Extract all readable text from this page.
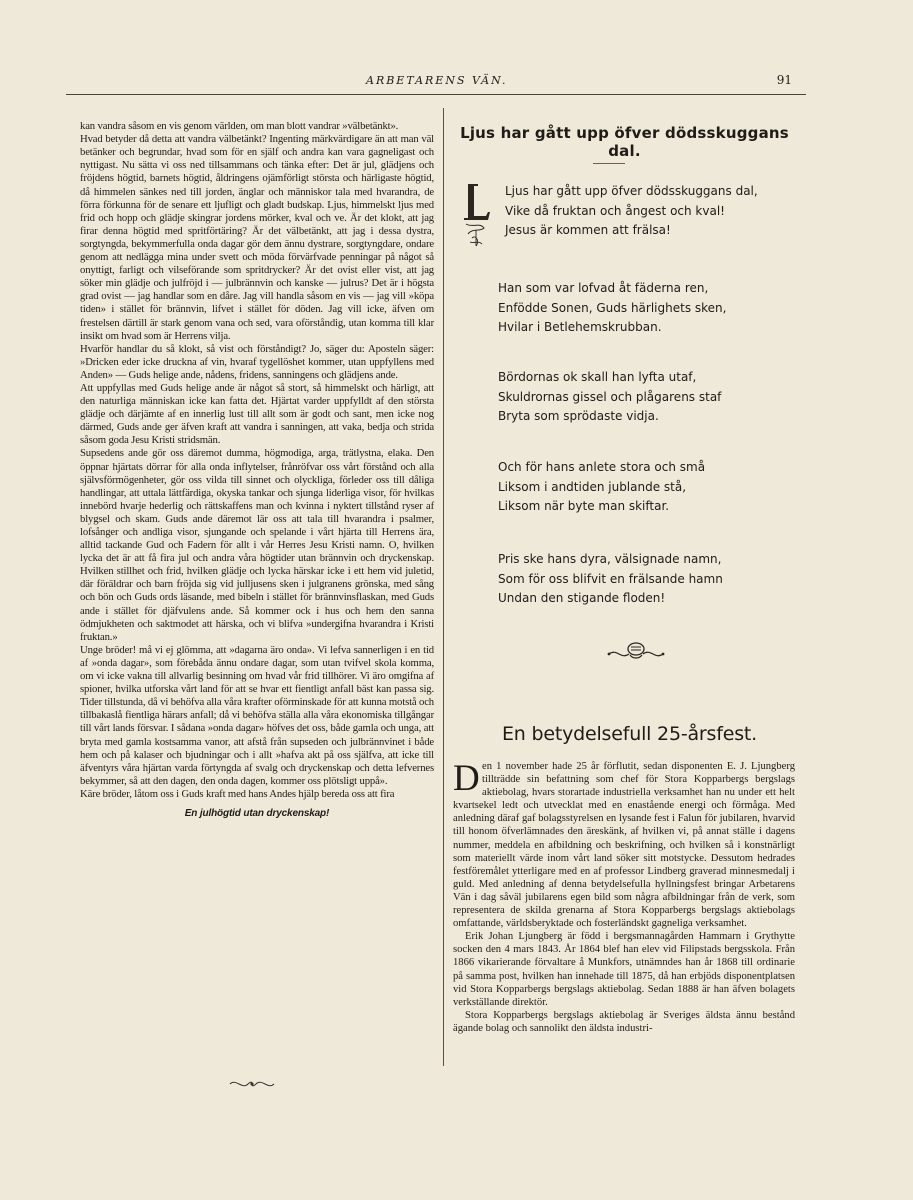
ARBETARENS VÄN.	91

kan vandra såsom en vis genom världen, om man blott vandrar »välbetänkt».
Hvad betyder då detta att vandra välbetänkt? Ingenting märkvärdigare än att man väl betänker och begrundar, hvad som för en själf och andra kan vara gagneligast och nyttigast. Nu sätta vi oss ned tillsammans och tänka efter: Det är jul, glädjens och fröjdens högtid, barnets högtid, åldringens ojämförligt största och härligaste högtid, då himmelen sänkes ned till jorden, änglar och människor tala med hvarandra, de förra förkunna för de senare ett ljufligt och gladt budskap. Ljus, himmelskt ljus med frid och hopp och glädje skingrar jordens mörker, kval och ve. Är det klokt, att jag firar denna högtid med spritförtäring? Är det välbetänkt, att jag i dessa dystra, sorgtyngda, bekymmerfulla onda dagar gör dem ännu dystrare, sorgtyngdare, ondare genom att nedlägga mina under svett och möda förvärfvade penningar på något så onyttigt, farligt och vilseförande som spritdrycker? Är det ovist eller vist, att jag söker min glädje och julfröjd i — julbrännvin och kanske — julrus? Det är i högsta grad ovist — jag handlar som en dåre. Jag vill handla såsom en vis — jag vill »köpa tiden» i stället för brännvin, lifvet i stället för döden. Jag vill icke, äfven om frestelsen därtill är stark genom vana och sed, vara oförståndig, utan komma till klar insikt om hvad som är Herrens vilja.
Hvarför handlar du så klokt, så vist och förståndigt? Jo, säger du: Aposteln säger: »Dricken eder icke druckna af vin, hvaraf tygellöshet kommer, utan uppfyllens med Anden» — Guds helige ande, nådens, fridens, sanningens och glädjens ande.
Att uppfyllas med Guds helige ande är något så stort, så himmelskt och härligt, att den naturliga människan icke kan fatta det. Hjärtat varder uppfylldt af den största glädje och därjämte af en innerlig lust till allt som är godt och sant, men icke nog därmed, Guds ande ger äfven kraft att vandra i sanningen, att vaka, bedja och strida såsom goda Jesu Kristi stridsmän.
Supsedens ande gör oss däremot dumma, högmodiga, arga, trätlystna, elaka. Den öppnar hjärtats dörrar för alla onda inflytelser, frånröfvar oss vårt förstånd och alla självsförmögenheter, gör oss vilda till sinnet och olyckliga, förleder oss till dåliga handlingar, att uttala lättfärdiga, okyska tankar och sjunga liderliga visor, för hvilkas innebörd hvarje hederlig och rättskaffens man och kvinna i nyktert tillstånd ryser af blygsel och skam. Guds ande däremot lär oss att tala till hvarandra i psalmer, lofsånger och andliga visor, sjungande och spelande i vårt hjärta till Herrens ära, alltid tackande Gud och Fadern för allt i vår Herres Jesu Kristi namn. O, hvilken lycka det är att få fira jul och andra våra högtider utan brännvin och dryckenskap. Hvilken stillhet och frid, hvilken glädje och lycka härskar icke i ett hem vid juletid, där föräldrar och barn fröjda sig vid julljusens sken i julgranens grönska, med sång och bön och Guds ords läsande, med bibeln i stället för brännvinsflaskan, med Guds ande i stället för djäfvulens ande. Så kommer ock i hus och hem den sanna ödmjukheten och saktmodet att härska, och vi blifva »undergifna hvarandra i Kristi fruktan.»
Unge bröder! må vi ej glömma, att »dagarna äro onda». Vi lefva sannerligen i en tid af »onda dagar», som förebåda ännu ondare dagar, som utan tvifvel skola komma, om vi icke vakna till allvarlig besinning om hvad vår frid tillhörer. Vi äro omgifna af spioner, hvilka utforska vårt land för att se hvar ett fientligt anfall bäst kan passa sig. Tider tillstunda, då vi behöfva alla våra krafter oförminskade för att kunna motstå och tillbakaslå fientliga härars anfall; då vi behöfva ställa alla våra ekonomiska tillgångar till vårt lands försvar. I sådana »onda dagar» höfves det oss, både gamla och unga, att bryta med gamla kostsamma vanor, att afstå från supseden och julbrännvinet i både hem och på kalaser och bjudningar och i allt »hafva akt på oss själfva, att icke till äfventyrs våra hjärtan varda förtyngda af svalg och dryckenskap och detta lefvernes bekymmer, så att den dagen, den onda dagen, kommer oss plötsligt uppå».
Käre bröder, låtom oss i Guds kraft med hans Andes hjälp bereda oss att fira

En julhögtid utan dryckenskap!

Ljus har gått upp öfver dödsskuggans dal.
Ljus har gått upp öfver dödsskuggans dal,
Vike då fruktan och ångest och kval!
Jesus är kommen att frälsa!
Han som var lofvad åt fäderna ren,
Enfödde Sonen, Guds härlighets sken,
Hvilar i Betlehemskrubban.
Bördornas ok skall han lyfta utaf,
Skuldrornas gissel och plågarens staf
Bryta som sprödaste vidja.
Och för hans anlete stora och små
Liksom i andtiden jublande stå,
Liksom när byte man skiftar.
Pris ske hans dyra, välsignade namn,
Som för oss blifvit en frälsande hamn
Undan den stigande floden!
En betydelsefull 25-årsfest.
D en 1 november hade 25 år förflutit, sedan disponenten E. J. Ljungberg tillträdde sin befattning som chef för Stora Kopparbergs bergslags aktiebolag, hvars storartade industriella verksamhet han nu under ett helt kvartsekel ledt och utvecklat med en enastående energi och förmåga. Med anledning däraf gaf bolagsstyrelsen en lysande fest i Falun för jubilaren, hvarvid till honom öfverlämnades den äreskänk, af hvilken vi, på annat ställe i dagens nummer, meddela en afbildning och beskrifning, och hvilken så i konstnärligt som materiellt värde inom vårt land söker sitt motstycke. Dessutom hedrades festföremålet ytterligare med en af professor Lindberg graverad minnesmedalj i guld. Med anledning af denna betydelsefulla hyllningsfest bringar Arbetarens Vän i dag såväl jubilarens egen bild som några afbildningar från de verk, som representera de skilda grenarna af Stora Kopparbergs bergslags aktiebolags omfattande, världsberyktade och fosterländskt gagneliga verksamhet.
Erik Johan Ljungberg är född i bergsmannagården Hammarn i Grythytte socken den 4 mars 1843. År 1864 blef han elev vid Filipstads bergsskola. Från 1866 vikarierande förvaltare å Munkfors, utnämndes han år 1868 till ordinarie på samma post, hvilken han innehade till 1875, då han erbjöds disponentplatsen vid Stora Kopparbergs bergslags aktiebolag. Sedan 1888 är han äfven bolagets verkställande direktör.
Stora Kopparbergs bergslags aktiebolag är Sveriges äldsta ännu bestånd ägande bolag och sannolikt den äldsta industri-
